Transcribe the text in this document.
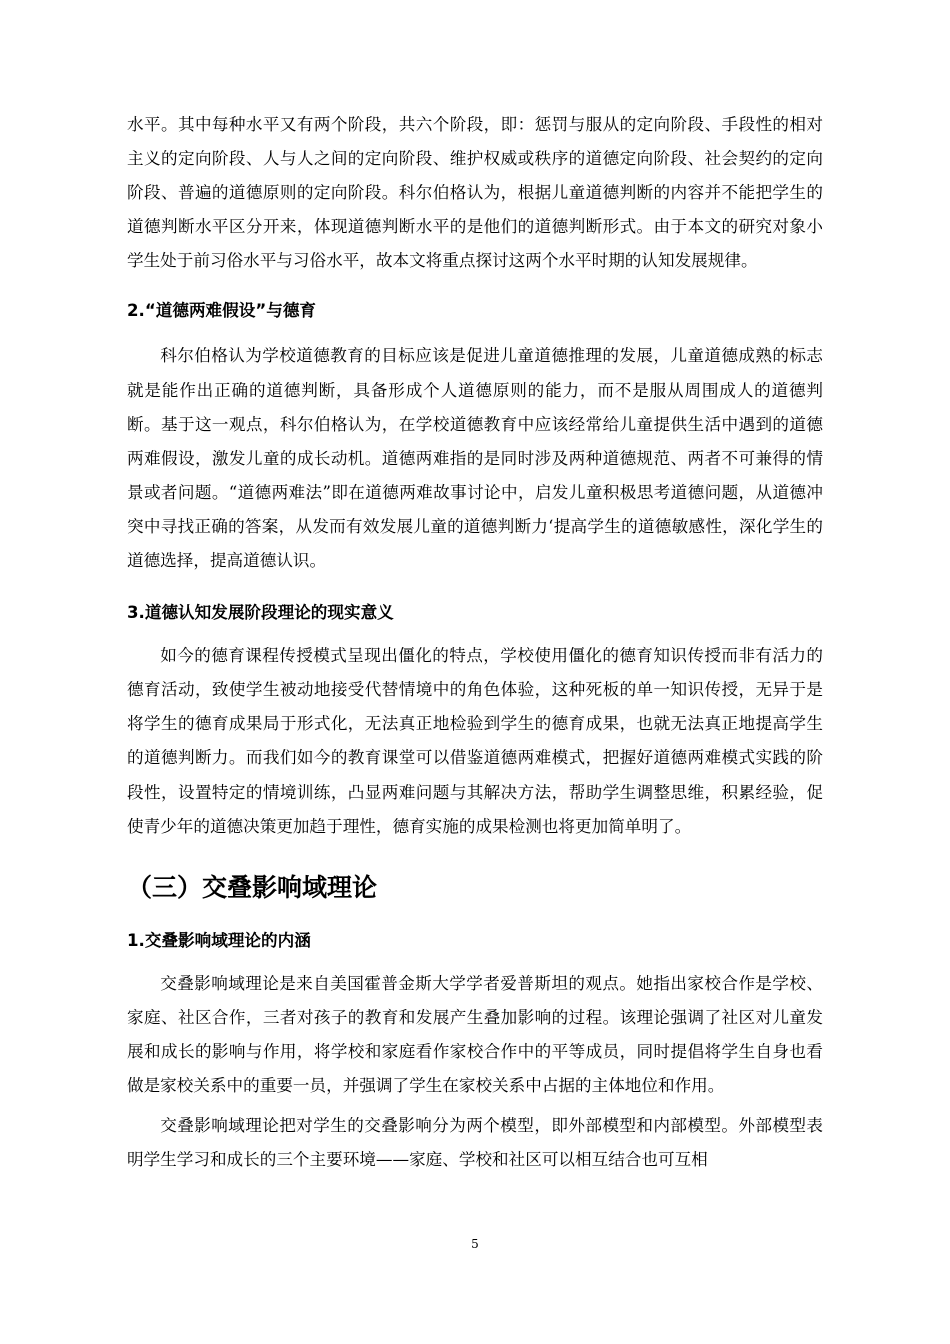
水平。其中每种水平又有两个阶段，共六个阶段，即：惩罚与服从的定向阶段、手段性的相对主义的定向阶段、人与人之间的定向阶段、维护权威或秩序的道德定向阶段、社会契约的定向阶段、普遍的道德原则的定向阶段。科尔伯格认为，根据儿童道德判断的内容并不能把学生的道德判断水平区分开来，体现道德判断水平的是他们的道德判断形式。由于本文的研究对象小学生处于前习俗水平与习俗水平，故本文将重点探讨这两个水平时期的认知发展规律。

2.“道德两难假设”与德育

科尔伯格认为学校道德教育的目标应该是促进儿童道德推理的发展，儿童道德成熟的标志就是能作出正确的道德判断，具备形成个人道德原则的能力，而不是服从周围成人的道德判断。基于这一观点，科尔伯格认为，在学校道德教育中应该经常给儿童提供生活中遇到的道德两难假设，激发儿童的成长动机。道德两难指的是同时涉及两种道德规范、两者不可兼得的情景或者问题。“道德两难法”即在道德两难故事讨论中，启发儿童积极思考道德问题，从道德冲突中寻找正确的答案，从发而有效发展儿童的道德判断力‘提高学生的道德敏感性，深化学生的道德选择，提高道德认识。

3.道德认知发展阶段理论的现实意义

如今的德育课程传授模式呈现出僵化的特点，学校使用僵化的德育知识传授而非有活力的德育活动，致使学生被动地接受代替情境中的角色体验，这种死板的单一知识传授，无异于是将学生的德育成果局于形式化，无法真正地检验到学生的德育成果，也就无法真正地提高学生的道德判断力。而我们如今的教育课堂可以借鉴道德两难模式，把握好道德两难模式实践的阶段性，设置特定的情境训练，凸显两难问题与其解决方法，帮助学生调整思维，积累经验，促使青少年的道德决策更加趋于理性，德育实施的成果检测也将更加简单明了。

（三）交叠影响域理论
1.交叠影响域理论的内涵

交叠影响域理论是来自美国霍普金斯大学学者爱普斯坦的观点。她指出家校合作是学校、家庭、社区合作，三者对孩子的教育和发展产生叠加影响的过程。该理论强调了社区对儿童发展和成长的影响与作用，将学校和家庭看作家校合作中的平等成员，同时提倡将学生自身也看做是家校关系中的重要一员，并强调了学生在家校关系中占据的主体地位和作用。

交叠影响域理论把对学生的交叠影响分为两个模型，即外部模型和内部模型。外部模型表明学生学习和成长的三个主要环境——家庭、学校和社区可以相互结合也可互相

5
